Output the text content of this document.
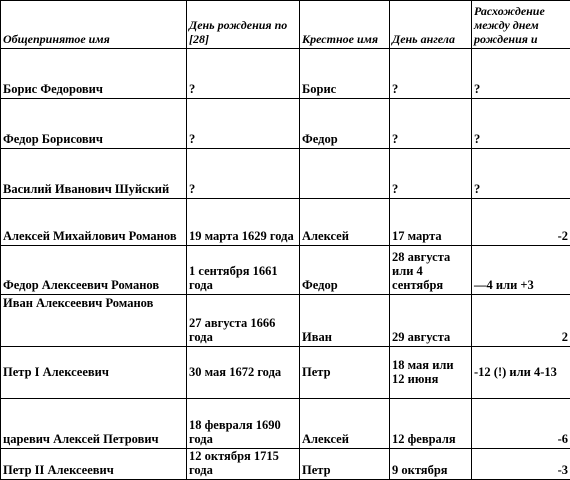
Общепринятое имя	День рождения по [28]	Крестное имя	День ангела	Расхождение между днем рождения и
Борис Федорович	?	Борис	?	?
Федор Борисович	?	Федор	?	?
Василий Иванович Шуйский	?		?	?
Алексей Михайлович Романов	19 марта 1629 года	Алексей	17 марта	-2
Федор Алексеевич Романов	1 сентября 1661 года	Федор	28 августа или 4 сентября	—4 или +3
Иван Алексеевич Романов	27 августа 1666 года	Иван	29 августа	2
Петр I Алексеевич	30 мая 1672 года	Петр	18 мая или 12 июня	-12 (!) или 4-13
царевич Алексей Петрович	18 февраля 1690 года	Алексей	12 февраля	-6
Петр II Алексеевич	12 октября 1715 года	Петр	9 октября	-3
